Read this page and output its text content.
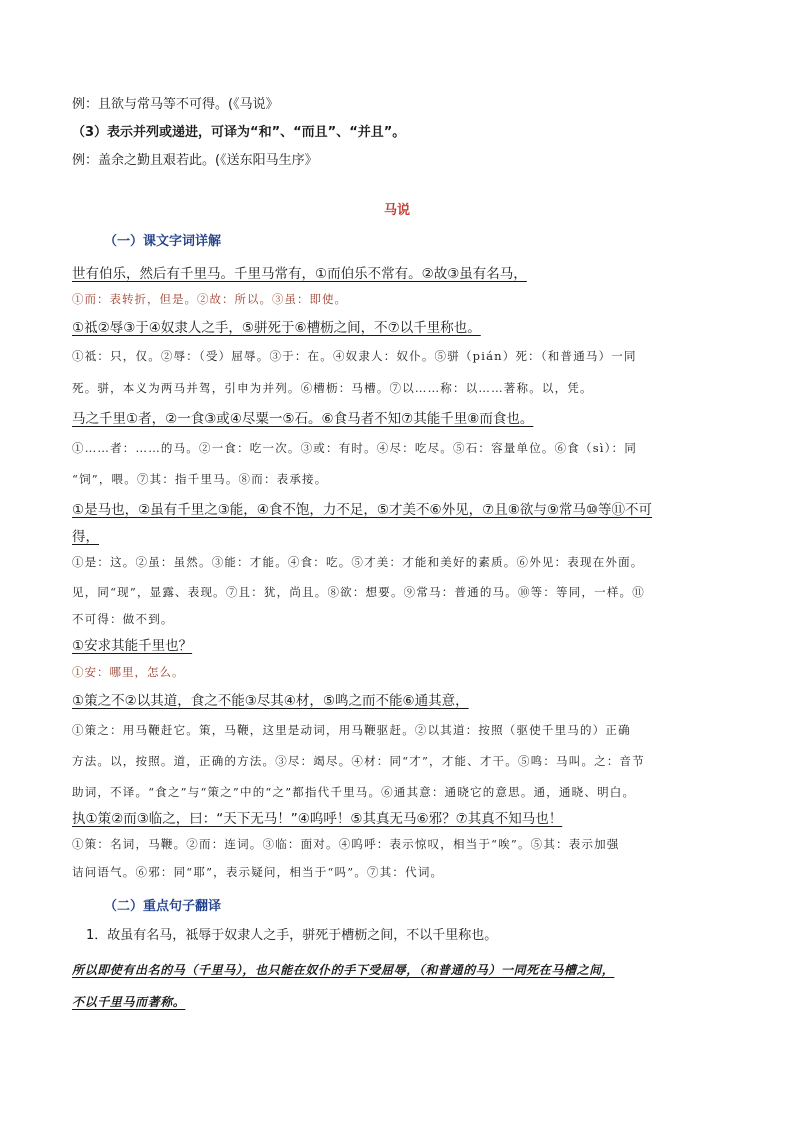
例：且欲与常马等不可得。(《马说》
（3）表示并列或递进，可译为“和”、“而且”、“并且”。
例：盖余之勤且艰若此。(《送东阳马生序》
马说
（一）课文字词详解
世有伯乐，然后有千里马。千里马常有，①而伯乐不常有。②故③虽有名马，
①而：表转折，但是。②故：所以。③虽：即使。
①祗②辱③于④奴隶人之手，⑤骈死于⑥槽枥之间，不⑦以千里称也。
①祗：只，仅。②辱：（受）屈辱。③于：在。④奴隶人：奴仆。⑤骈（pián）死：（和普通马）一同
死。骈，本义为两马并驾，引申为并列。⑥槽枥：马槽。⑦以……称：以……著称。以，凭。
马之千里①者，②一食③或④尽粟一⑤石。⑥食马者不知⑦其能千里⑧而食也。
①……者：……的马。②一食：吃一次。③或：有时。④尽：吃尽。⑤石：容量单位。⑥食（sì）：同
“饲”，喂。⑦其：指千里马。⑧而：表承接。
①是马也，②虽有千里之③能，④食不饱，力不足，⑤才美不⑥外见，⑦且⑧欲与⑨常马⑩等⑪不可
得，
①是：这。②虽：虽然。③能：才能。④食：吃。⑤才美：才能和美好的素质。⑥外见：表现在外面。
见，同“现”，显露、表现。⑦且：犹，尚且。⑧欲：想要。⑨常马：普通的马。⑩等：等同，一样。⑪
不可得：做不到。
①安求其能千里也？
①安：哪里，怎么。
①策之不②以其道，食之不能③尽其④材，⑤鸣之而不能⑥通其意，
①策之：用马鞭赶它。策，马鞭，这里是动词，用马鞭驱赶。②以其道：按照（驱使千里马的）正确
方法。以，按照。道，正确的方法。③尽：竭尽。④材：同“才”，才能、才干。⑤鸣：马叫。之：音节
助词，不译。“食之”与“策之”中的“之”都指代千里马。⑥通其意：通晓它的意思。通，通晓、明白。
执①策②而③临之，曰：“天下无马！”④呜呼！⑤其真无马⑥邪？⑦其真不知马也！
①策：名词，马鞭。②而：连词。③临：面对。④呜呼：表示惊叹，相当于“唉”。⑤其：表示加强
诘问语气。⑥邪：同“耶”，表示疑问，相当于“吗”。⑦其：代词。
（二）重点句子翻译
1．故虽有名马，祗辱于奴隶人之手，骈死于槽枥之间，不以千里称也。
所以即使有出名的马（千里马），也只能在奴仆的手下受屈辱，（和普通的马）一同死在马槽之间，
不以千里马而著称。
